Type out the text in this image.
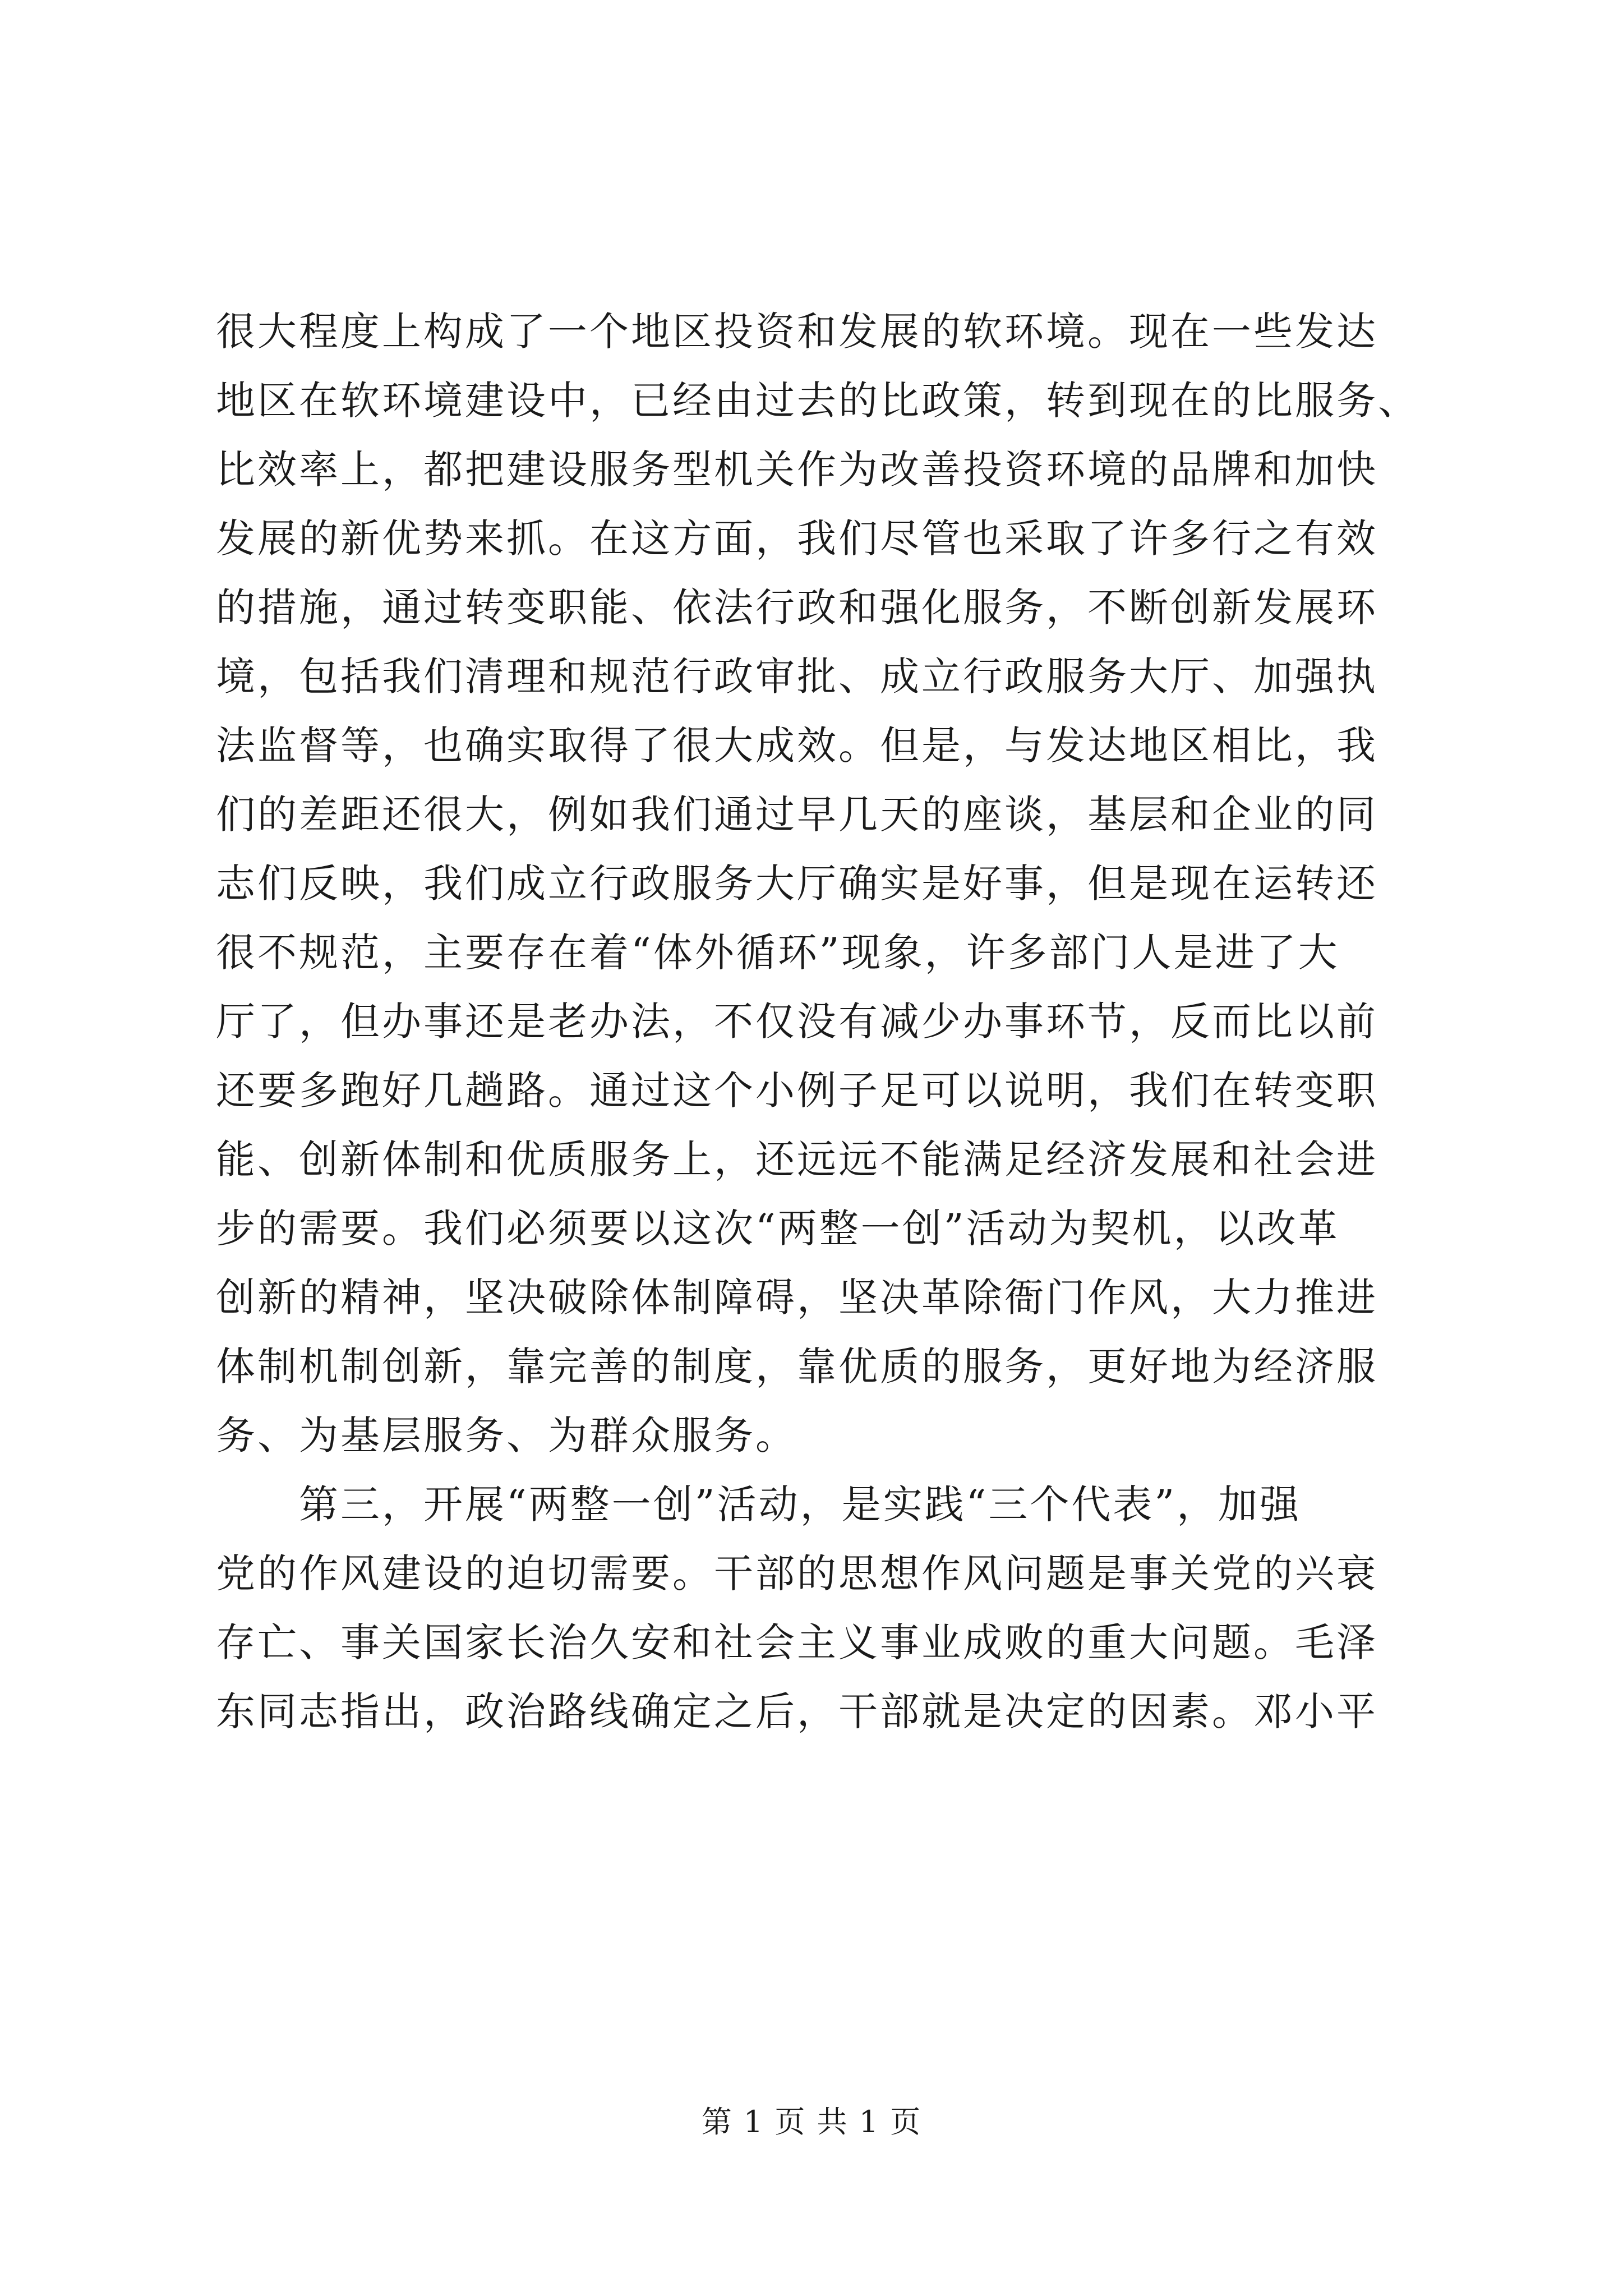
很大程度上构成了一个地区投资和发展的软环境。现在一些发达
地区在软环境建设中，已经由过去的比政策，转到现在的比服务、
比效率上，都把建设服务型机关作为改善投资环境的品牌和加快
发展的新优势来抓。在这方面，我们尽管也采取了许多行之有效
的措施，通过转变职能、依法行政和强化服务，不断创新发展环
境，包括我们清理和规范行政审批、成立行政服务大厅、加强执
法监督等，也确实取得了很大成效。但是，与发达地区相比，我
们的差距还很大，例如我们通过早几天的座谈，基层和企业的同
志们反映，我们成立行政服务大厅确实是好事，但是现在运转还
很不规范，主要存在着“体外循环”现象，许多部门人是进了大
厅了，但办事还是老办法，不仅没有减少办事环节，反而比以前
还要多跑好几趟路。通过这个小例子足可以说明，我们在转变职
能、创新体制和优质服务上，还远远不能满足经济发展和社会进
步的需要。我们必须要以这次“两整一创”活动为契机，以改革
创新的精神，坚决破除体制障碍，坚决革除衙门作风，大力推进
体制机制创新，靠完善的制度，靠优质的服务，更好地为经济服
务、为基层服务、为群众服务。
　　第三，开展“两整一创”活动，是实践“三个代表”，加强
党的作风建设的迫切需要。干部的思想作风问题是事关党的兴衰
存亡、事关国家长治久安和社会主义事业成败的重大问题。毛泽
东同志指出，政治路线确定之后，干部就是决定的因素。邓小平
第 1 页 共 1 页
